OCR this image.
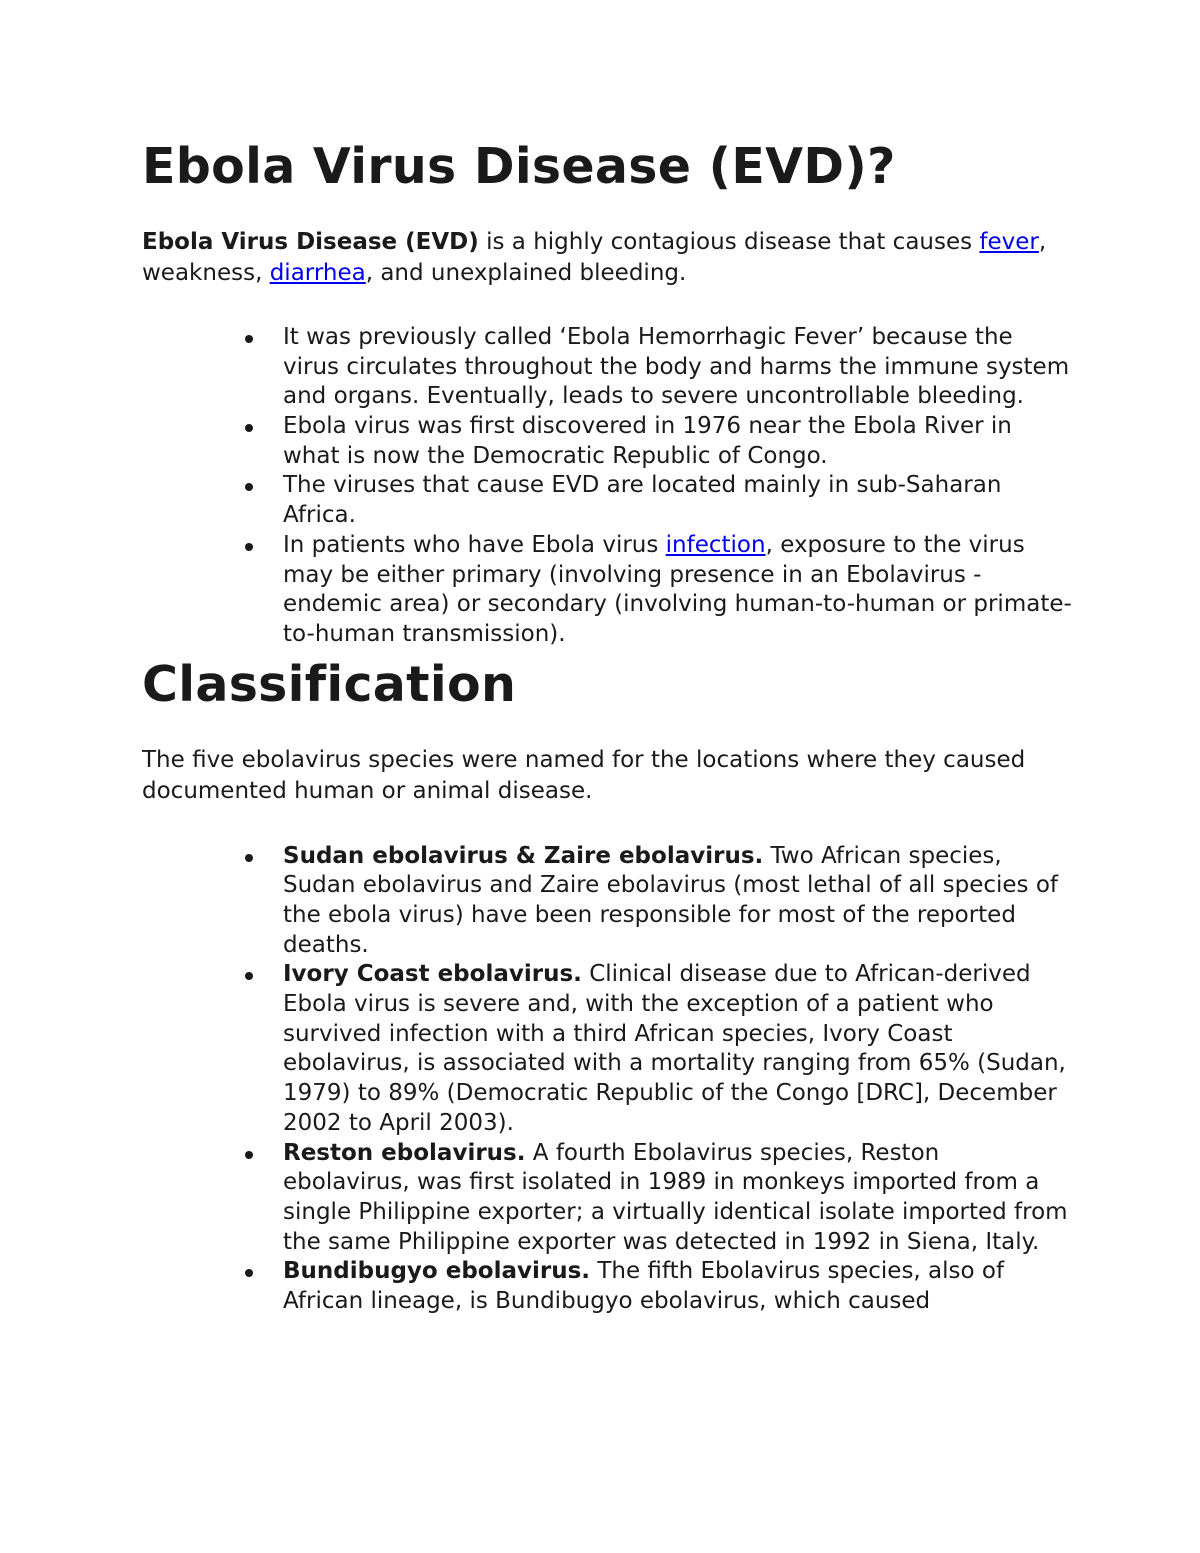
Ebola Virus Disease (EVD)?

Ebola Virus Disease (EVD) is a highly contagious disease that causes fever, weakness, diarrhea, and unexplained bleeding.

It was previously called ‘Ebola Hemorrhagic Fever’ because the virus circulates throughout the body and harms the immune system and organs. Eventually, leads to severe uncontrollable bleeding.
Ebola virus was first discovered in 1976 near the Ebola River in what is now the Democratic Republic of Congo.
The viruses that cause EVD are located mainly in sub-Saharan Africa.
In patients who have Ebola virus infection, exposure to the virus may be either primary (involving presence in an Ebolavirus -endemic area) or secondary (involving human-to-human or primate-to-human transmission).
Classification

The five ebolavirus species were named for the locations where they caused documented human or animal disease.

Sudan ebolavirus & Zaire ebolavirus. Two African species, Sudan ebolavirus and Zaire ebolavirus (most lethal of all species of the ebola virus) have been responsible for most of the reported deaths.
Ivory Coast ebolavirus. Clinical disease due to African-derived Ebola virus is severe and, with the exception of a patient who survived infection with a third African species, Ivory Coast ebolavirus, is associated with a mortality ranging from 65% (Sudan, 1979) to 89% (Democratic Republic of the Congo [DRC], December 2002 to April 2003).
Reston ebolavirus. A fourth Ebolavirus species, Reston ebolavirus, was first isolated in 1989 in monkeys imported from a single Philippine exporter; a virtually identical isolate imported from the same Philippine exporter was detected in 1992 in Siena, Italy.
Bundibugyo ebolavirus. The fifth Ebolavirus species, also of African lineage, is Bundibugyo ebolavirus, which caused
